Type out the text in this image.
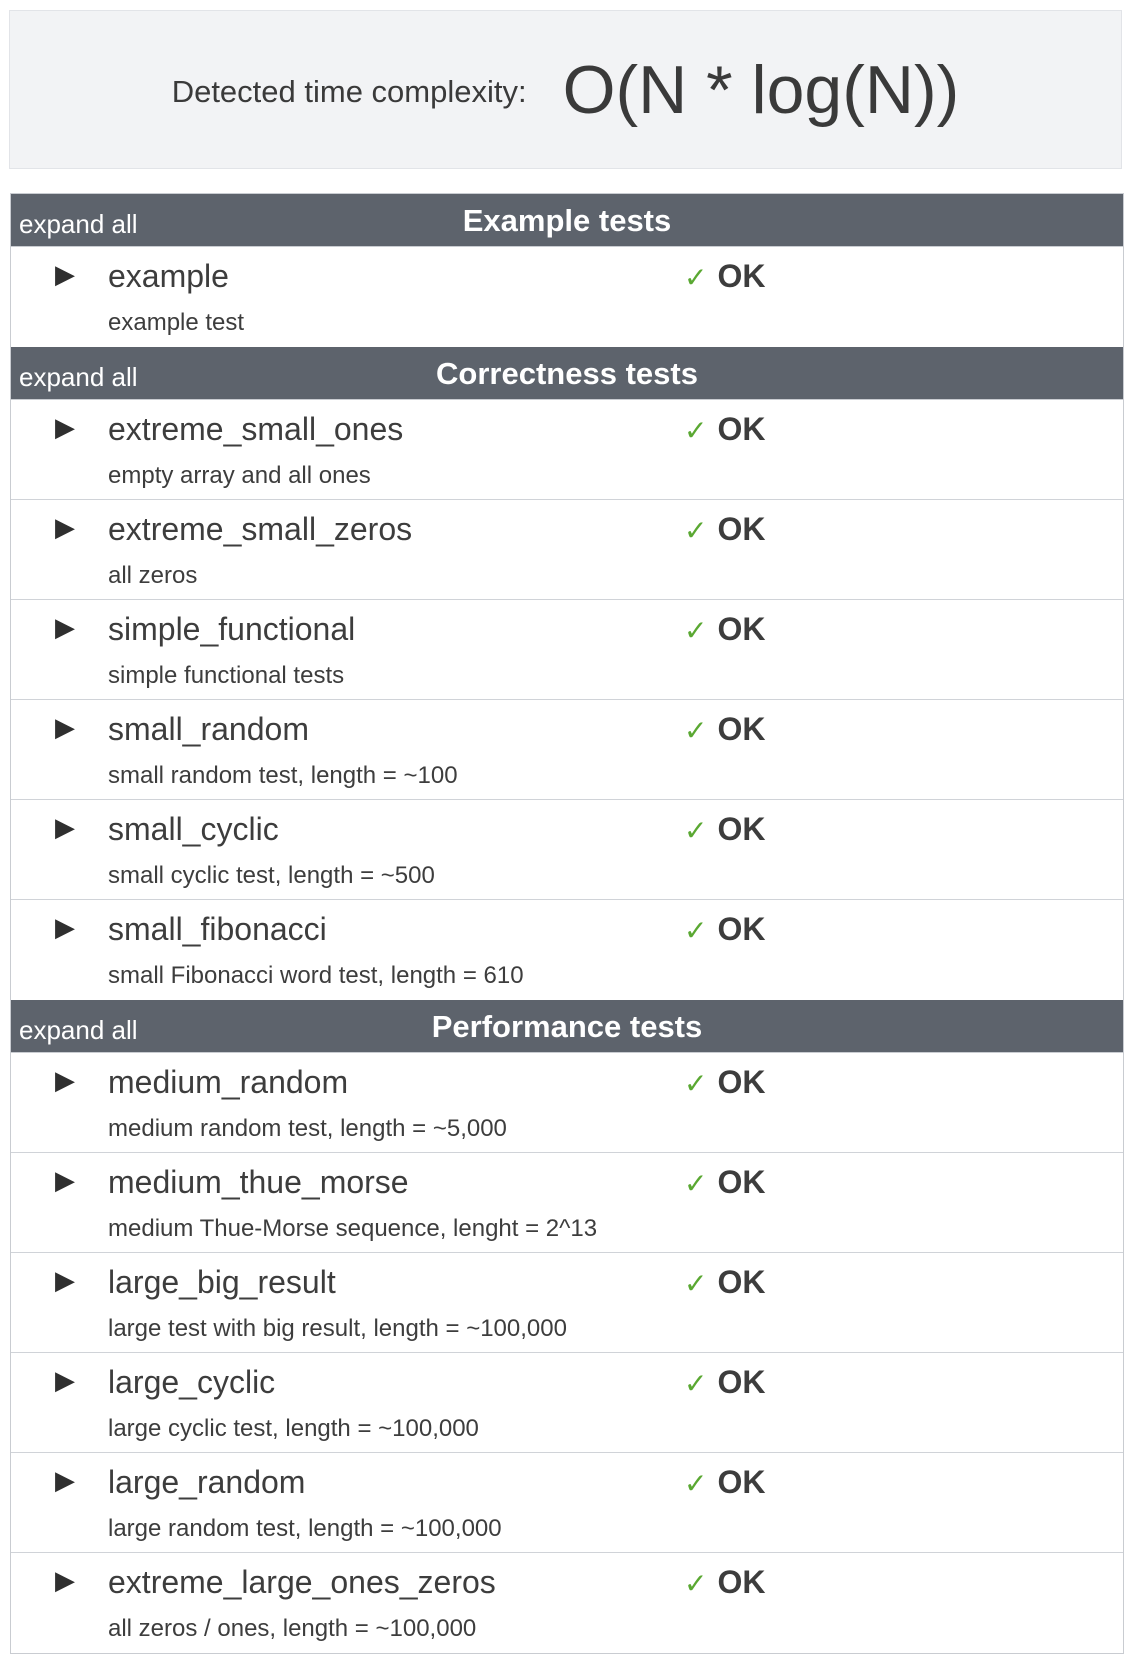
Detected time complexity: O(N * log(N))
expand all	Example tests
▶ example
example test
✓ OK
expand all	Correctness tests
▶ extreme_small_ones
empty array and all ones
✓ OK
▶ extreme_small_zeros
all zeros
✓ OK
▶ simple_functional
simple functional tests
✓ OK
▶ small_random
small random test, length = ~100
✓ OK
▶ small_cyclic
small cyclic test, length = ~500
✓ OK
▶ small_fibonacci
small Fibonacci word test, length = 610
✓ OK
expand all	Performance tests
▶ medium_random
medium random test, length = ~5,000
✓ OK
▶ medium_thue_morse
medium Thue-Morse sequence, lenght = 2^13
✓ OK
▶ large_big_result
large test with big result, length = ~100,000
✓ OK
▶ large_cyclic
large cyclic test, length = ~100,000
✓ OK
▶ large_random
large random test, length = ~100,000
✓ OK
▶ extreme_large_ones_zeros
all zeros / ones, length = ~100,000
✓ OK
